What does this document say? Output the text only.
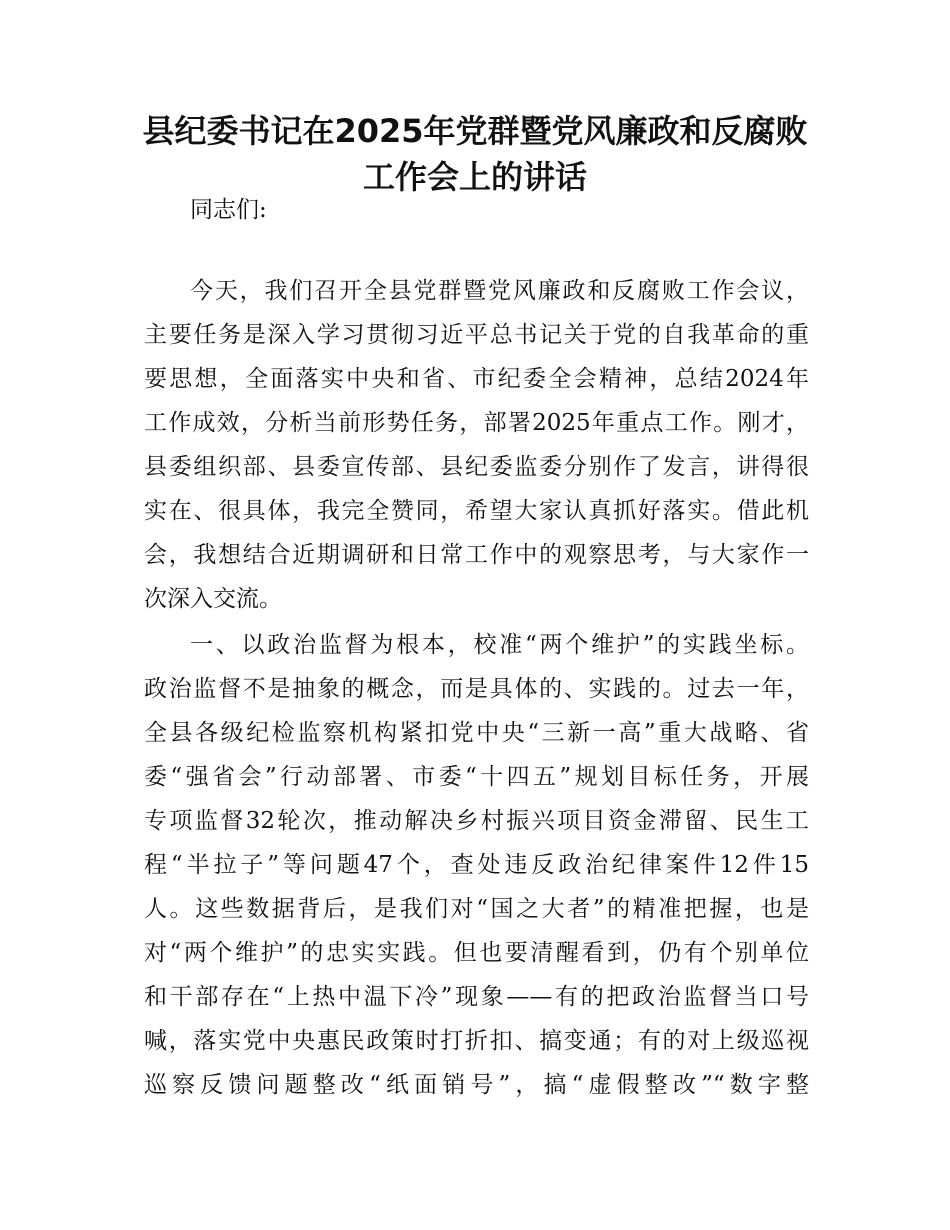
县纪委书记在2025年党群暨党风廉政和反腐败
工作会上的讲话

同志们:

今天，我们召开全县党群暨党风廉政和反腐败工作会议，

主要任务是深入学习贯彻习近平总书记关于党的自我革命的重

要思想，全面落实中央和省、市纪委全会精神，总结2024年

工作成效，分析当前形势任务，部署2025年重点工作。刚才，

县委组织部、县委宣传部、县纪委监委分别作了发言，讲得很

实在、很具体，我完全赞同，希望大家认真抓好落实。借此机

会，我想结合近期调研和日常工作中的观察思考，与大家作一

次深入交流。

一、以政治监督为根本，校准“两个维护”的实践坐标。

政治监督不是抽象的概念，而是具体的、实践的。过去一年，

全县各级纪检监察机构紧扣党中央“三新一高”重大战略、省

委“强省会”行动部署、市委“十四五”规划目标任务，开展

专项监督32轮次，推动解决乡村振兴项目资金滞留、民生工

程“半拉子”等问题47个，查处违反政治纪律案件12件15

人。这些数据背后，是我们对“国之大者”的精准把握，也是

对“两个维护”的忠实实践。但也要清醒看到，仍有个别单位

和干部存在“上热中温下冷”现象——有的把政治监督当口号

喊，落实党中央惠民政策时打折扣、搞变通；有的对上级巡视

巡察反馈问题整改“纸面销号”，搞“虚假整改”“数字整
